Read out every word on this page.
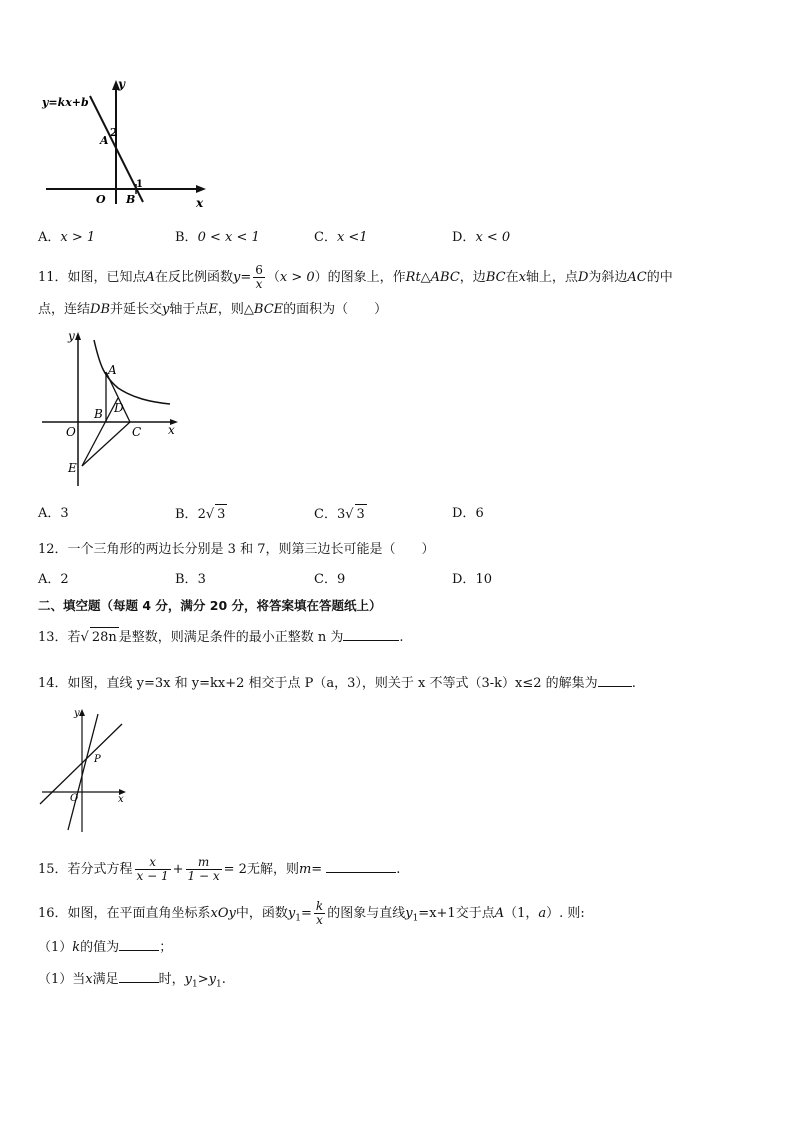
y=kx+b
y
x
A
2
O B
1
A．x > 1	B．0 < x < 1	C．x <1	D．x < 0
11．如图，已知点A在反比例函数$y= \frac{6}{x} (x > 0)$的图象上，作Rt△ABC，边BC在x轴上，点D为斜边AC的中
点，连结DB并延长交y轴于点E，则△BCE的面积为（　　）
y
x
A
B D
O	C
E
A．3	B．2√ 3	C．3√ 3	D．6
12．一个三角形的两边长分别是 3 和 7，则第三边长可能是（　　）
A．2	B．3	C．9	D．10
二、填空题（每题 4 分，满分 20 分，将答案填在答题纸上）
13．若√ 28n 是整数，则满足条件的最小正整数 n 为	.
14．如图，直线 y=3x 和 y=kx+2 相交于点 P（a，3），则关于 x 不等式（3-k）x≤2 的解集为	.
y
x
O
P
15．若分式方程 $\frac{x}{x - 1} + \frac{m}{1 - x} = 2$无解，则m=	.
16．如图，在平面直角坐标系xOy中，函数$y_1= \frac{k}{x}$ 的图象与直线$y_1=x+1$交于点A（1，a）. 则:
（1）k的值为	；
（1）当x满足	时，$y_1>y_1$.
